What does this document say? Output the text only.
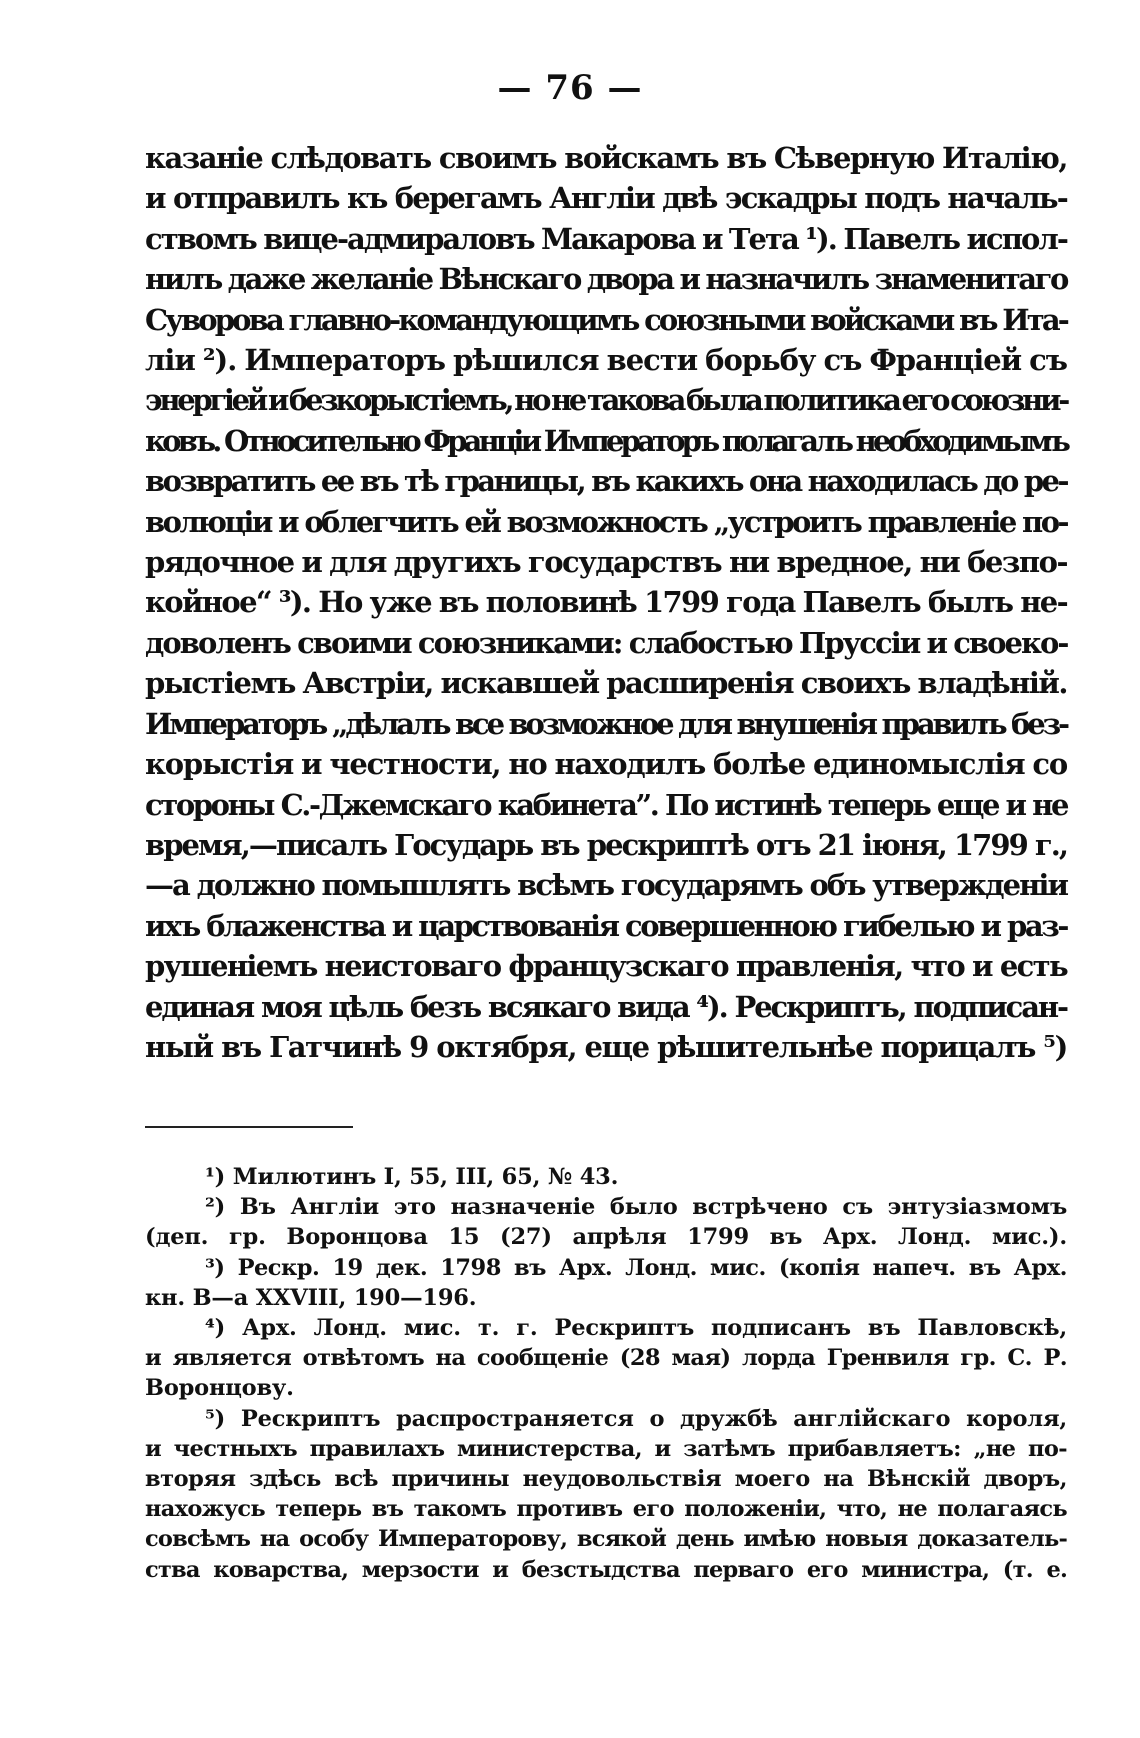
— 76 —
казаніе слѣдовать своимъ войскамъ въ Сѣверную Италію,
и отправилъ къ берегамъ Англіи двѣ эскадры подъ началь-
ствомъ вице-адмираловъ Макарова и Тета ¹). Павелъ испол-
нилъ даже желаніе Вѣнскаго двора и назначилъ знаменитаго
Суворова главно-командующимъ союзными войсками въ Ита-
ліи ²). Императоръ рѣшился вести борьбу съ Франціей съ
энергіей и безкорыстіемъ, но не такова была политика его союзни-
ковъ. Относительно Франціи Императоръ полагалъ необходимымъ
возвратить ее въ тѣ границы, въ какихъ она находилась до ре-
волюціи и облегчить ей возможность „устроить правленіе по-
рядочное и для другихъ государствъ ни вредное, ни безпо-
койное“ ³). Но уже въ половинѣ 1799 года Павелъ былъ не-
доволенъ своими союзниками: слабостью Пруссіи и своеко-
рыстіемъ Австріи, искавшей расширенія своихъ владѣній.
Императоръ „дѣлалъ все возможное для внушенія правилъ без-
корыстія и честности, но находилъ болѣе единомыслія со
стороны С.-Джемскаго кабинета”. По истинѣ теперь еще и не
время,—писалъ Государь въ рескриптѣ отъ 21 іюня, 1799 г.,
—а должно помышлять всѣмъ государямъ объ утвержденіи
ихъ блаженства и царствованія совершенною гибелью и раз-
рушеніемъ неистоваго французскаго правленія, что и есть
единая моя цѣль безъ всякаго вида ⁴). Рескриптъ, подписан-
ный въ Гатчинѣ 9 октября, еще рѣшительнѣе порицалъ ⁵)
¹) Милютинъ I, 55, III, 65, № 43.
²) Въ Англіи это назначеніе было встрѣчено съ энтузіазмомъ
(деп. гр. Воронцова 15 (27) апрѣля 1799 въ Арх. Лонд. мис.).
³) Рескр. 19 дек. 1798 въ Арх. Лонд. мис. (копія напеч. въ Арх.
кн. В—а XXVIII, 190—196.
⁴) Арх. Лонд. мис. т. г. Рескриптъ подписанъ въ Павловскѣ,
и является отвѣтомъ на сообщеніе (28 мая) лорда Гренвиля гр. С. Р.
Воронцову.
⁵) Рескриптъ распространяется о дружбѣ англійскаго короля,
и честныхъ правилахъ министерства, и затѣмъ прибавляетъ: „не по-
вторяя здѣсь всѣ причины неудовольствія моего на Вѣнскій дворъ,
нахожусь теперь въ такомъ противъ его положеніи, что, не полагаясь
совсѣмъ на особу Императорову, всякой день имѣю новыя доказатель-
ства коварства, мерзости и безстыдства перваго его министра, (т. е.
